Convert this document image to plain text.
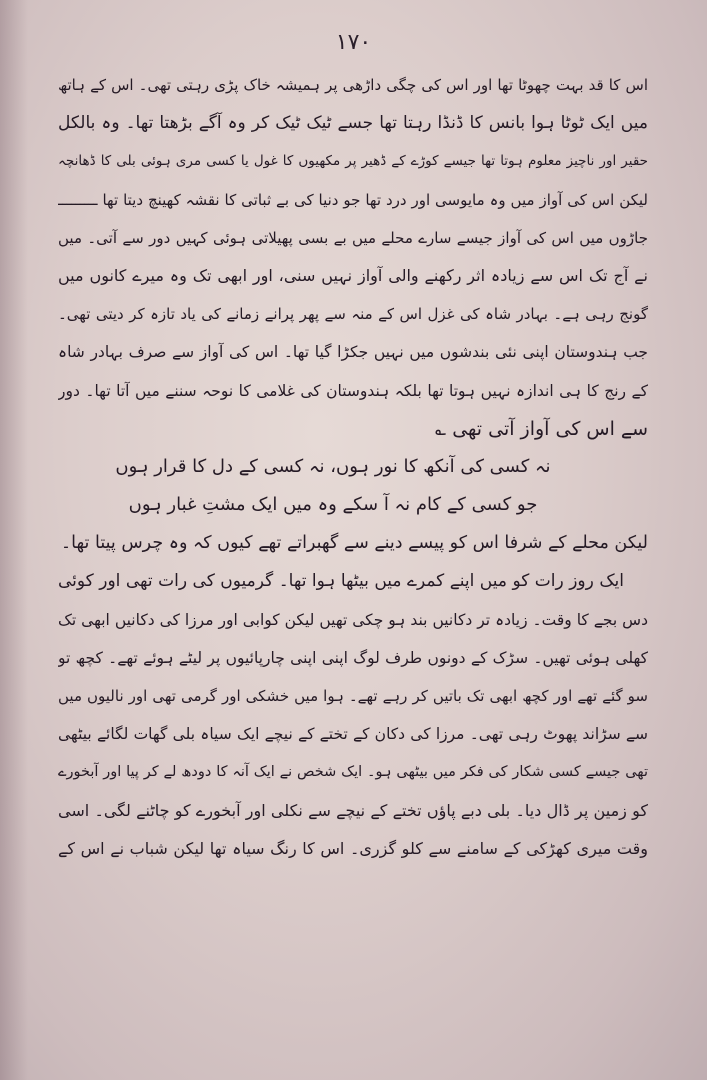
۱۷۰
اس کا قد بہت چھوٹا تھا اور اس کی چگی داڑھی پر ہمیشہ خاک پڑی رہتی تھی۔ اس کے ہاتھ
میں ایک ٹوٹا ہوا بانس کا ڈنڈا رہتا تھا جسے ٹیک ٹیک کر وہ آگے بڑھتا تھا۔ وہ بالکل
حقیر اور ناچیز معلوم ہوتا تھا جیسے کوڑے کے ڈھیر پر مکھیوں کا غول یا کسی مری ہوئی بلی کا ڈھانچہ
لیکن اس کی آواز میں وہ مایوسی اور درد تھا جو دنیا کی بے ثباتی کا نقشہ کھینچ دیتا تھا ـــــــــ
جاڑوں میں اس کی آواز جیسے سارے محلے میں بے بسی پھیلاتی ہوئی کہیں دور سے آتی۔ میں
نے آج تک اس سے زیادہ اثر رکھنے والی آواز نہیں سنی، اور ابھی تک وہ میرے کانوں میں
گونج رہی ہے۔ بہادر شاہ کی غزل اس کے منہ سے پھر پرانے زمانے کی یاد تازہ کر دیتی تھی۔
جب ہندوستان اپنی نئی بندشوں میں نہیں جکڑا گیا تھا۔ اس کی آواز سے صرف بہادر شاہ
کے رنج کا ہی اندازہ نہیں ہوتا تھا بلکہ ہندوستان کی غلامی کا نوحہ سننے میں آتا تھا۔ دور
سے اس کی آواز آتی تھی ؎
نہ کسی کی آنکھ کا نور ہوں، نہ کسی کے دل کا قرار ہوں
جو کسی کے کام نہ آ سکے وہ میں ایک مشتِ غبار ہوں
لیکن محلے کے شرفا اس کو پیسے دینے سے گھبراتے تھے کیوں کہ وہ چرس پیتا تھا۔
ایک روز رات کو میں اپنے کمرے میں بیٹھا ہوا تھا۔ گرمیوں کی رات تھی اور کوئی
دس بجے کا وقت۔ زیادہ تر دکانیں بند ہو چکی تھیں لیکن کوابی اور مرزا کی دکانیں ابھی تک
کھلی ہوئی تھیں۔ سڑک کے دونوں طرف لوگ اپنی اپنی چارپائیوں پر لیٹے ہوئے تھے۔ کچھ تو
سو گئے تھے اور کچھ ابھی تک باتیں کر رہے تھے۔ ہوا میں خشکی اور گرمی تھی اور نالیوں میں
سے سڑاند پھوٹ رہی تھی۔ مرزا کی دکان کے تختے کے نیچے ایک سیاہ بلی گھات لگائے بیٹھی
تھی جیسے کسی شکار کی فکر میں بیٹھی ہو۔ ایک شخص نے ایک آنہ کا دودھ لے کر پیا اور آبخورے
کو زمین پر ڈال دیا۔ بلی دبے پاؤں تختے کے نیچے سے نکلی اور آبخورے کو چاٹنے لگی۔ اسی
وقت میری کھڑکی کے سامنے سے کلو گزری۔ اس کا رنگ سیاہ تھا لیکن شباب نے اس کے
